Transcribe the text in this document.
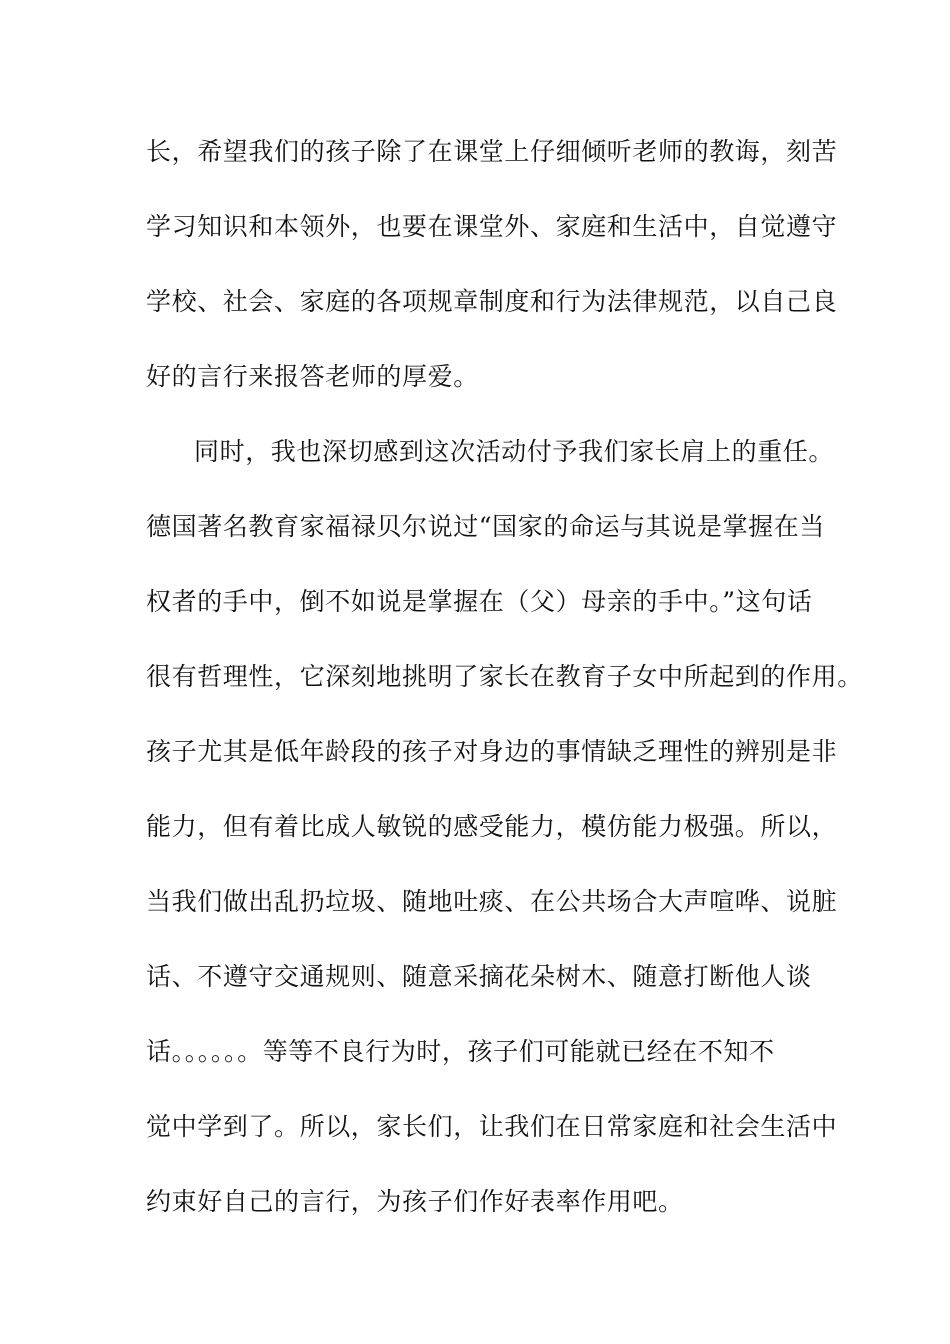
长，希望我们的孩子除了在课堂上仔细倾听老师的教诲，刻苦
学习知识和本领外，也要在课堂外、家庭和生活中，自觉遵守
学校、社会、家庭的各项规章制度和行为法律规范，以自己良
好的言行来报答老师的厚爱。
同时，我也深切感到这次活动付予我们家长肩上的重任。
德国著名教育家福禄贝尔说过“国家的命运与其说是掌握在当
权者的手中，倒不如说是掌握在（父）母亲的手中。”这句话
很有哲理性，它深刻地挑明了家长在教育子女中所起到的作用。
孩子尤其是低年龄段的孩子对身边的事情缺乏理性的辨别是非
能力，但有着比成人敏锐的感受能力，模仿能力极强。所以，
当我们做出乱扔垃圾、随地吐痰、在公共场合大声喧哗、说脏
话、不遵守交通规则、随意采摘花朵树木、随意打断他人谈
话。。。。。。等等不良行为时，孩子们可能就已经在不知不
觉中学到了。所以，家长们，让我们在日常家庭和社会生活中
约束好自己的言行，为孩子们作好表率作用吧。
